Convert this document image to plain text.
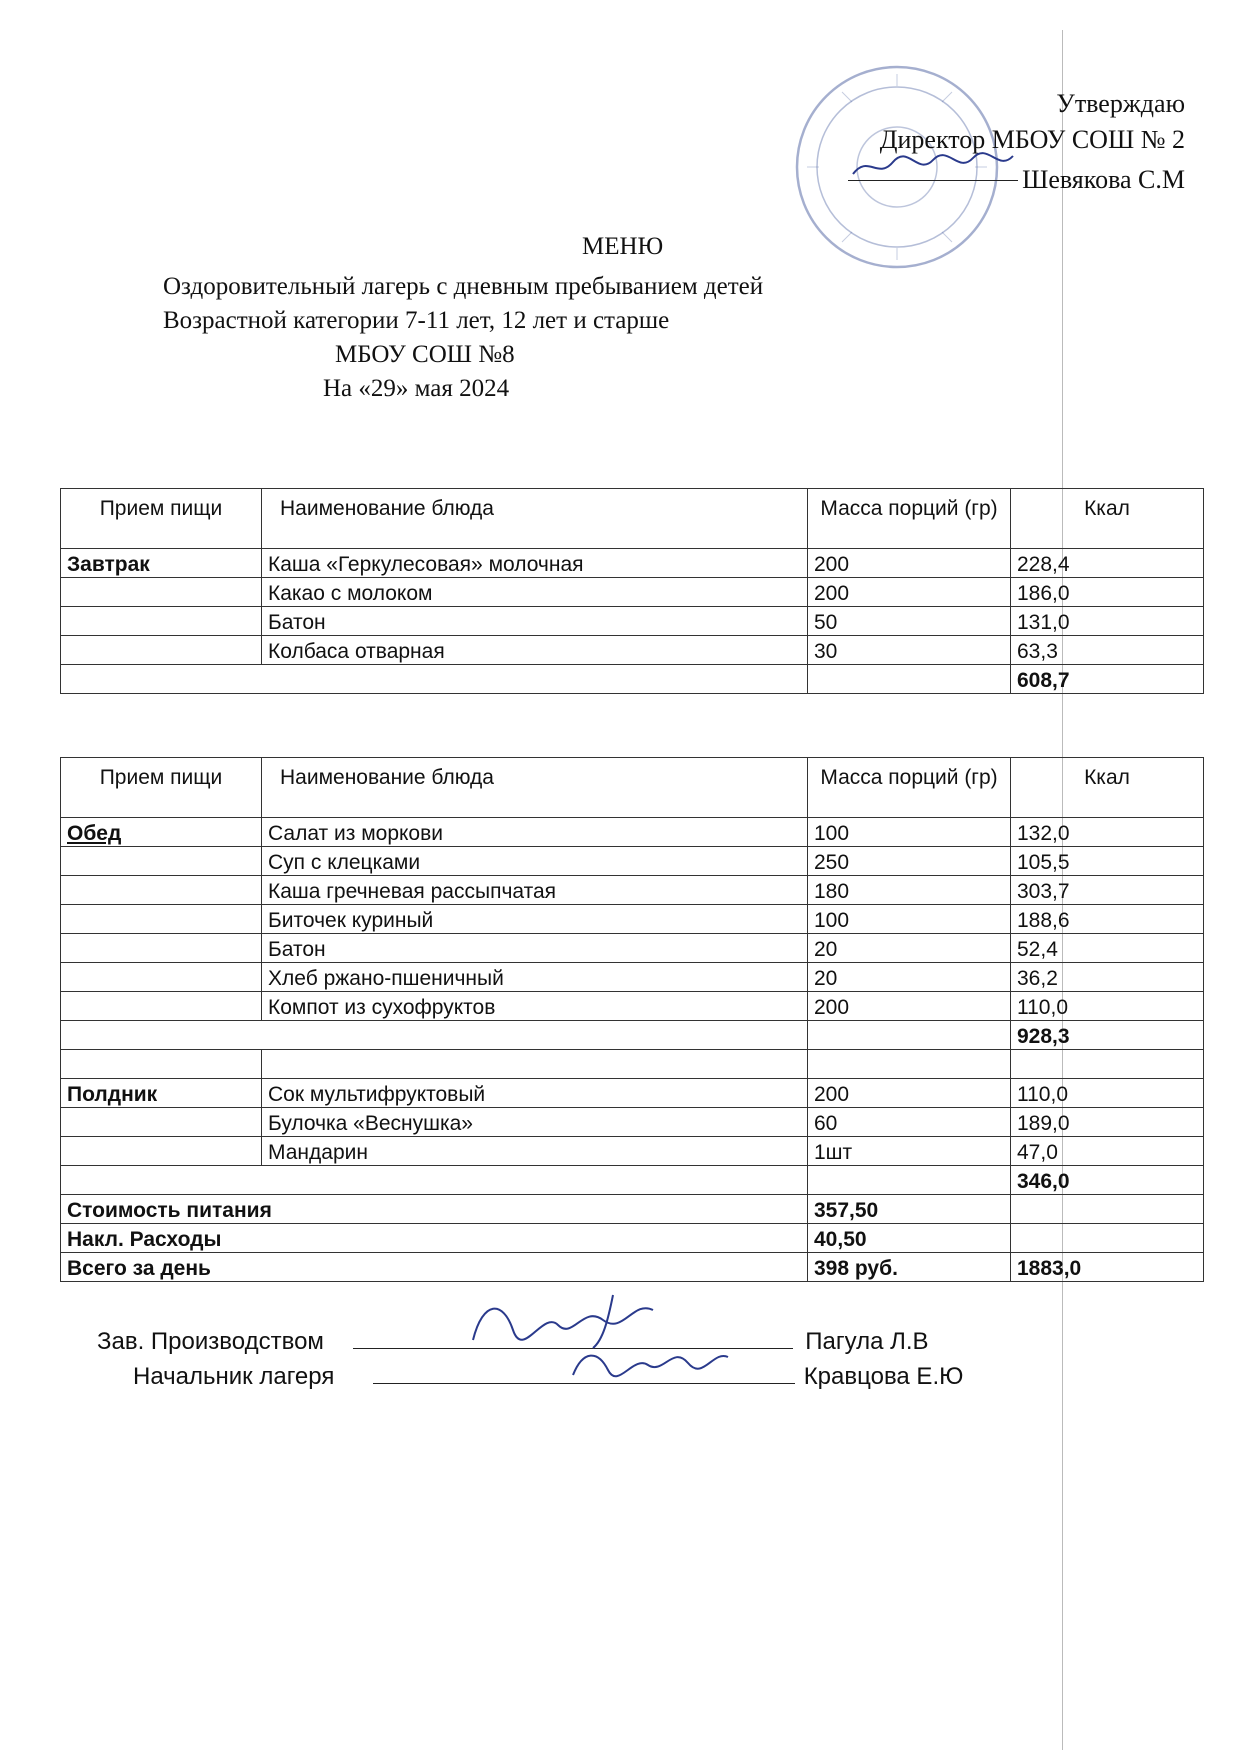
Утверждаю
Директор МБОУ СОШ № 2
Шевякова С.М
МЕНЮ
Оздоровительный лагерь с дневным пребыванием детей
Возрастной категории 7-11 лет, 12 лет и старше
МБОУ СОШ №8
На «29» мая 2024
Прием пищи	Наименование блюда	Масса порций (гр)	Ккал
Завтрак	Каша «Геркулесовая» молочная	200	228,4
	Какао с молоком	200	186,0
	Батон	50	131,0
	Колбаса отварная	30	63,3
			608,7
Прием пищи	Наименование блюда	Масса порций (гр)	Ккал
Обед	Салат из моркови	100	132,0
	Суп с клецками	250	105,5
	Каша гречневая рассыпчатая	180	303,7
	Биточек куриный	100	188,6
	Батон	20	52,4
	Хлеб ржано-пшеничный	20	36,2
	Компот из сухофруктов	200	110,0
			928,3

Полдник	Сок мультифруктовый	200	110,0
	Булочка «Веснушка»	60	189,0
	Мандарин	1шт	47,0
			346,0
Стоимость питания		357,50	
Накл. Расходы		40,50	
Всего за день		398 руб.	1883,0
Зав. Производством	Пагула Л.В
Начальник лагеря	Кравцова Е.Ю
